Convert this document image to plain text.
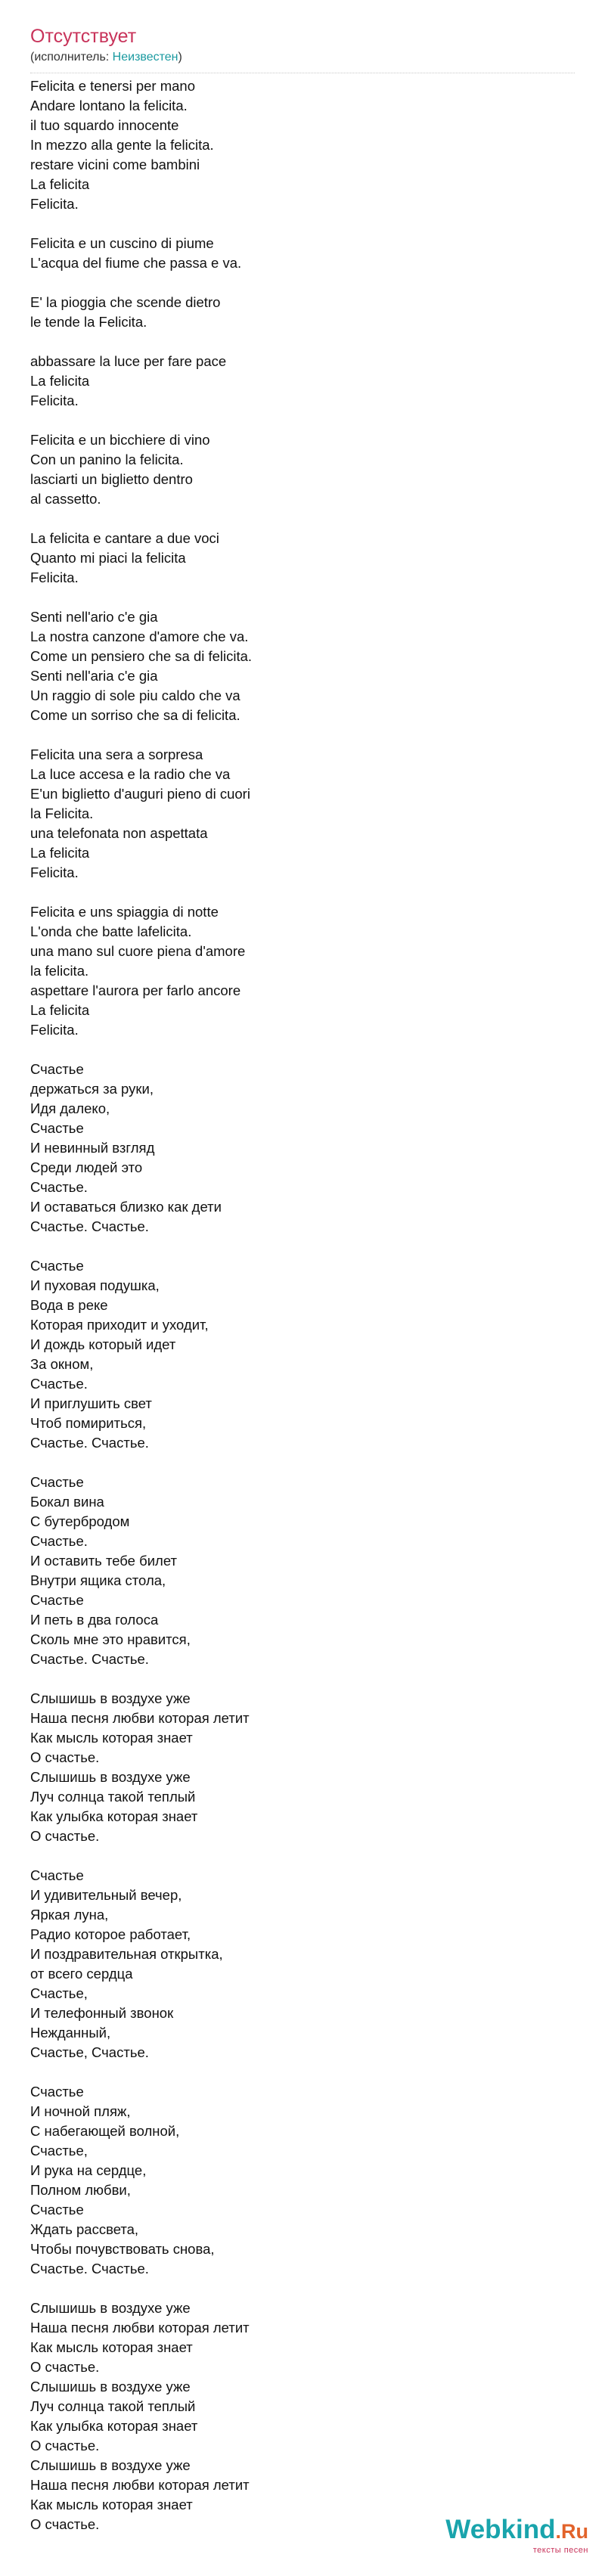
Отсутствует
(исполнитель: Неизвестен)
Felicita e tenersi per mano
Andare lontano la felicita.
il tuo squardo innocente
In mezzo alla gente la felicita.
restare vicini come bambini
La felicita
Felicita.

Felicita e un cuscino di piume
L'acqua del fiume che passa e va.

E' la pioggia che scende dietro
le tende la Felicita.

abbassare la luce per fare pace
La felicita
Felicita.

Felicita e un bicchiere di vino
Con un panino la felicita.
lasciarti un biglietto dentro
al cassetto.

La felicita e cantare a due voci
Quanto mi piaci la felicita
Felicita.

Senti nell'ario c'e gia
La nostra canzone d'amore che va.
Come un pensiero che sa di felicita.
Senti nell'aria c'e gia
Un raggio di sole piu caldo che va
Come un sorriso che sa di felicita.

Felicita una sera a sorpresa
La luce accesa e la radio che va
E'un biglietto d'auguri pieno di cuori
la Felicita.
una telefonata non aspettata
La felicita
Felicita.

Felicita e uns spiaggia di notte
L'onda che batte lafelicita.
una mano sul cuore piena d'amore
la felicita.
aspettare l'aurora per farlo ancore
La felicita
Felicita.

Счастье
держаться за руки,
Идя далеко,
Счастье
И невинный взгляд
Среди людей это
Счастье.
И оставаться близко как дети
Счастье. Счастье.

Счастье
И пуховая подушка,
Вода в реке
Которая приходит и уходит,
И дождь который идет
За окном,
Счастье.
И приглушить свет
Чтоб помириться,
Счастье. Счастье.

Счастье
Бокал вина
С бутербродом
Счастье.
И оставить тебе билет
Внутри ящика стола,
Счастье
И петь в два голоса
Сколь мне это нравится,
Счастье. Счастье.

Слышишь в воздухе уже
Наша песня любви которая летит
Как мысль которая знает
О счастье.
Слышишь в воздухе уже
Луч солнца такой теплый
Как улыбка которая знает
О счастье.

Счастье
И удивительный вечер,
Яркая луна,
Радио которое работает,
И поздравительная открытка,
от всего сердца
Счастье,
И телефонный звонок
Нежданный,
Счастье, Счастье.

Счастье
И ночной пляж,
С набегающей волной,
Счастье,
И рука на сердце,
Полном любви,
Счастье
Ждать рассвета,
Чтобы почувствовать снова,
Счастье. Счастье.

Слышишь в воздухе уже
Наша песня любви которая летит
Как мысль которая знает
О счастье.
Слышишь в воздухе уже
Луч солнца такой теплый
Как улыбка которая знает
О счастье.
Слышишь в воздухе уже
Наша песня любви которая летит
Как мысль которая знает
О счастье.	Webkind.Ru
тексты песен
